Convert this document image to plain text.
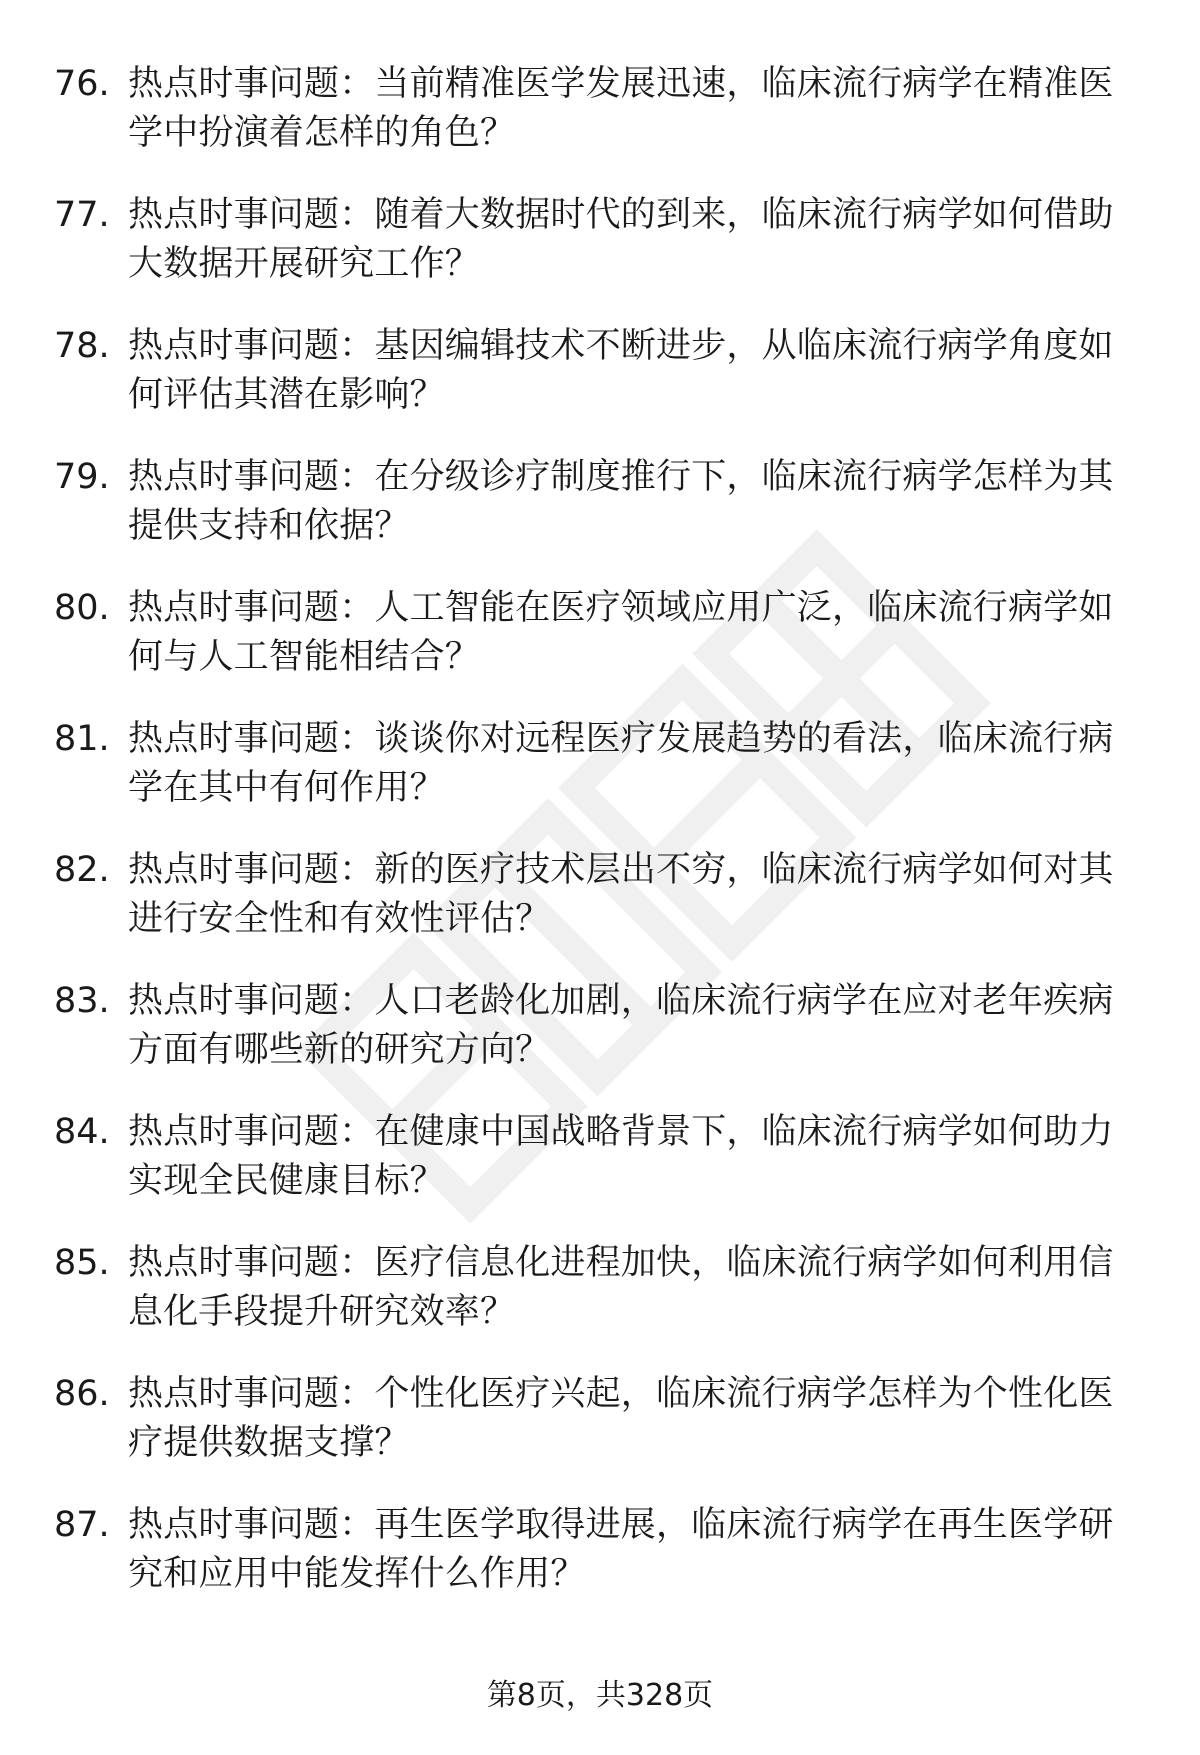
76. 热点时事问题：当前精准医学发展迅速，临床流行病学在精准医学中扮演着怎样的角色？
77. 热点时事问题：随着大数据时代的到来，临床流行病学如何借助大数据开展研究工作？
78. 热点时事问题：基因编辑技术不断进步，从临床流行病学角度如何评估其潜在影响？
79. 热点时事问题：在分级诊疗制度推行下，临床流行病学怎样为其提供支持和依据？
80. 热点时事问题：人工智能在医疗领域应用广泛，临床流行病学如何与人工智能相结合？
81. 热点时事问题：谈谈你对远程医疗发展趋势的看法，临床流行病学在其中有何作用？
82. 热点时事问题：新的医疗技术层出不穷，临床流行病学如何对其进行安全性和有效性评估？
83. 热点时事问题：人口老龄化加剧，临床流行病学在应对老年疾病方面有哪些新的研究方向？
84. 热点时事问题：在健康中国战略背景下，临床流行病学如何助力实现全民健康目标？
85. 热点时事问题：医疗信息化进程加快，临床流行病学如何利用信息化手段提升研究效率？
86. 热点时事问题：个性化医疗兴起，临床流行病学怎样为个性化医疗提供数据支撑？
87. 热点时事问题：再生医学取得进展，临床流行病学在再生医学研究和应用中能发挥什么作用？
第8页，共328页
